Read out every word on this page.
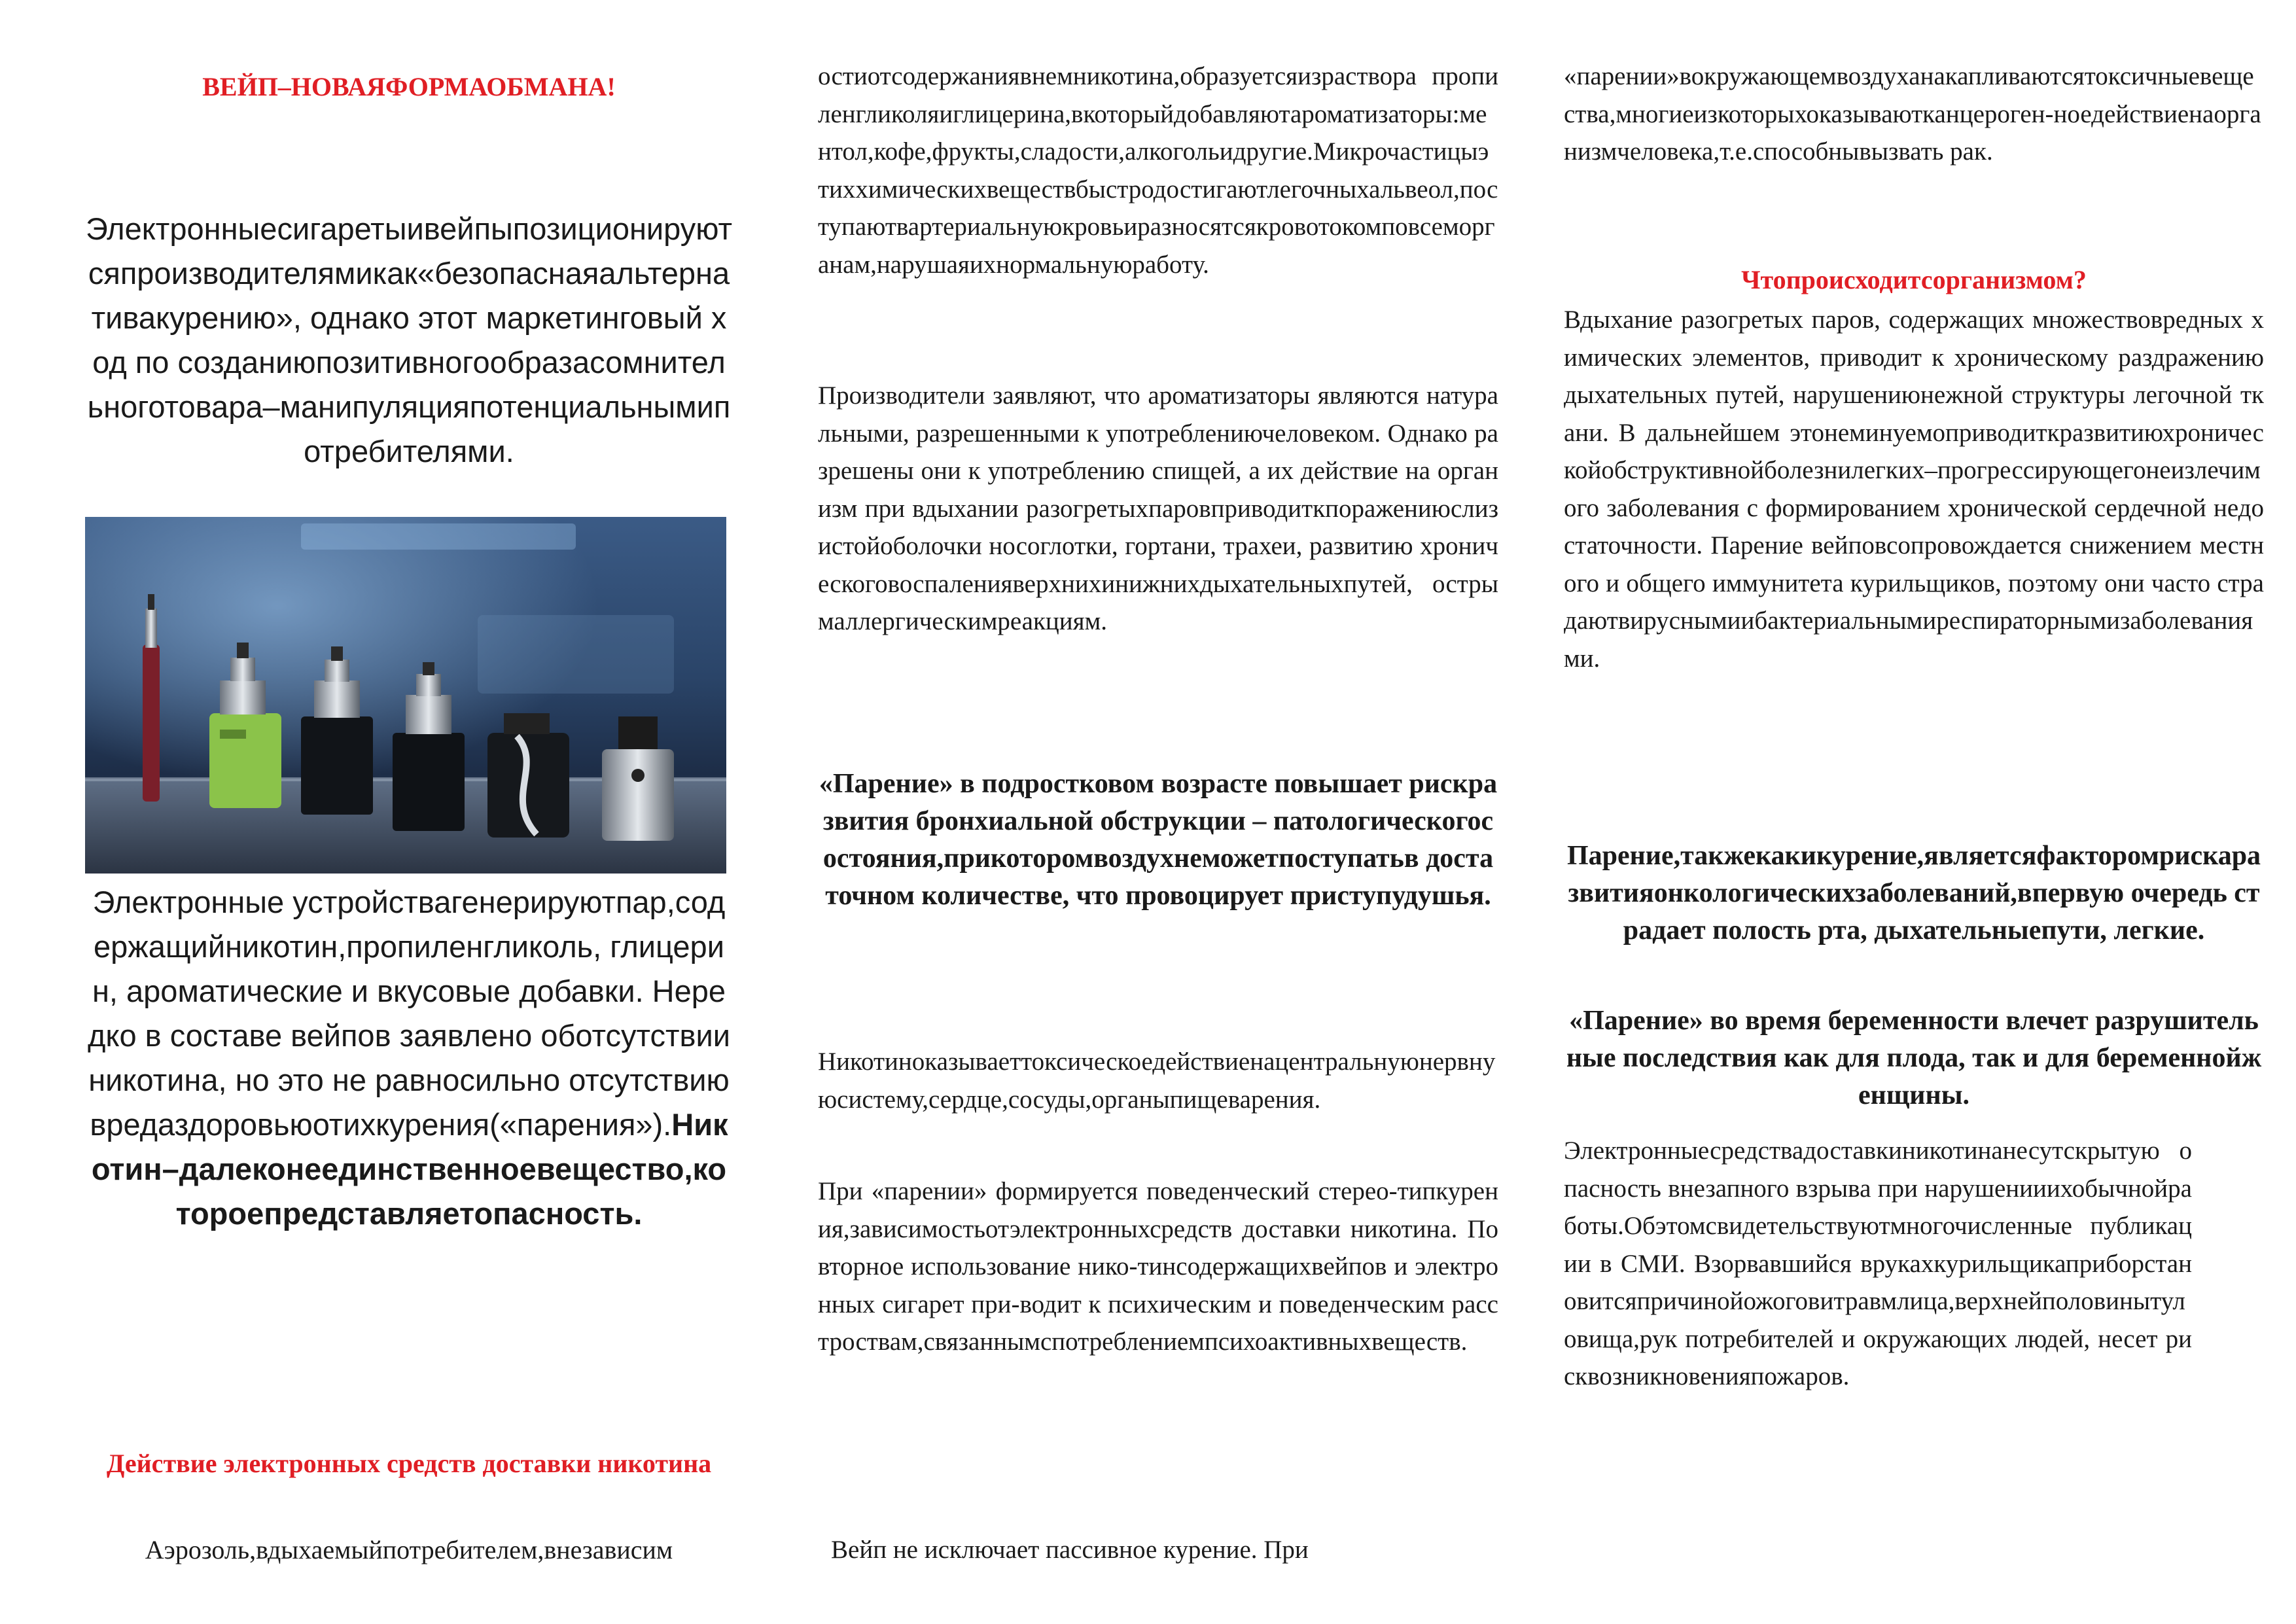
ВЕЙП–НОВАЯФОРМАОБМАНА!
Электронныесигаретыивейпыпозиционируютсяпроизводителямикак«безопаснаяальтернативакурению», однако этот маркетинговый ход по созданиюпозитивногообразасомнительноготовара–манипуляцияпотенциальнымипотребителями.
Электронные устройствагенерируютпар,содержащийникотин,пропиленгликоль, глицерин, ароматические и вкусовые добавки. Нередко в составе вейпов заявлено оботсутствии никотина, но это не равносильно отсутствиювредаздоровьюотихкурения(«парения»).Никотин–далеконеединственноевещество,котороепредставляетопасность.
Действие электронных средств доставки никотина
Аэрозоль,вдыхаемыйпотребителем,внезависим

остиотсодержаниявнемникотина,образуетсяизраствора пропиленгликоляиглицерина,вкоторыйдобавляютароматизаторы:ментол,кофе,фрукты,сладости,алкогольидругие.Микрочастицыэтиххимическихвеществбыстродостигаютлегочныхальвеол,поступаютвартериальнуюкровьиразносятсякровотокомповсеморганам,нарушаяихнормальнуюработу.

Производители заявляют, что ароматизаторы являются натуральными, разрешенными к употреблениючеловеком. Однако разрешены они к употреблению спищей, а их действие на организм при вдыхании разогретыхпаровприводиткпоражениюслизистойоболочки носоглотки, гортани, трахеи, развитию хроническоговоспаленияверхнихинижнихдыхательныхпутей, острымаллергическимреакциям.

«Парение» в подростковом возрасте повышает рискразвития бронхиальной обструкции – патологическогосостояния,прикоторомвоздухнеможетпоступатьв достаточном количестве, что провоцирует приступудушья.

Никотиноказываеттоксическоедействиенацентральнуюнервнуюсистему,сердце,сосуды,органыпищеварения.

При «парении» формируется поведенческий стерео-типкурения,зависимостьотэлектронныхсредств доставки никотина. Повторное использование нико-тинсодержащихвейпов и электронных сигарет при-водит к психическим и поведенческим расстроствам,связаннымспотреблениемпсихоактивныхвеществ.

Вейп не исключает пассивное курение. При

«парении»вокружающемвоздуханакапливаютсятоксичныевещества,многиеизкоторыхоказываютканцероген-ноедействиенаорганизмчеловека,т.е.способнывызвать рак.

Чтопроисходитсорганизмом?

Вдыхание разогретых паров, содержащих множествовредных химических элементов, приводит к хроническому раздражению дыхательных путей, нарушениюнежной структуры легочной ткани. В дальнейшем этонеминуемоприводиткразвитиюхроническойобструктивнойболезнилегких–прогрессирующегонеизлечимого заболевания с формированием хронической сердечной недостаточности. Парение вейповсопровождается снижением местного и общего иммунитета курильщиков, поэтому они часто страдаютвируснымиибактериальнымиреспираторнымизаболеваниями.

Парение,такжекакикурение,являетсяфакторомрискаразвитияонкологическихзаболеваний,впервую очередь страдает полость рта, дыхательныепути, легкие.

«Парение» во время беременности влечет разрушительные последствия как для плода, так и для беременнойженщины.

Электронныесредствадоставкиникотинанесутскрытую опасность внезапного взрыва при нарушенииихобычнойработы.Обэтомсвидетельствуютмногочисленные публикации в СМИ. Взорвавшийся врукахкурильщикаприборстановитсяпричинойожоговитравмлица,верхнейполовинытуловища,рук потребителей и окружающих людей, несет рисквозникновенияпожаров.
